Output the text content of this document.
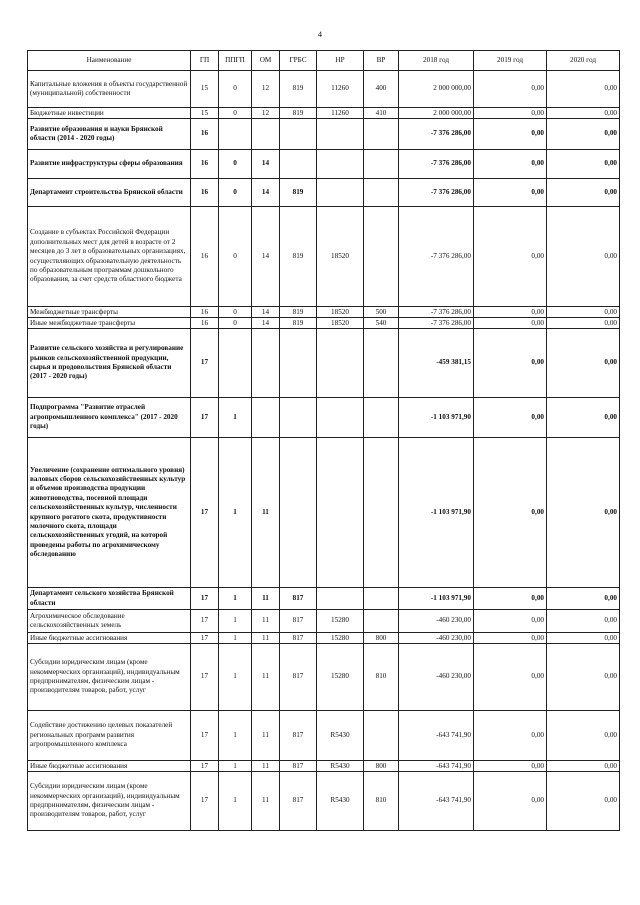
4
Наименование	ГП	ППГП	ОМ	ГРБС	НР	ВР	2018 год	2019 год	2020 год
Капитальные вложения в объекты государственной (муниципальной) собственности	15	0	12	819	11260	400	2 000 000,00	0,00	0,00
Бюджетные инвестиции	15	0	12	819	11260	410	2 000 000,00	0,00	0,00
Развитие образования и науки Брянской области (2014 - 2020 годы)	16						-7 376 286,00	0,00	0,00
Развитие инфраструктуры сферы образования	16	0	14				-7 376 286,00	0,00	0,00
Департамент строительства Брянской области	16	0	14	819			-7 376 286,00	0,00	0,00
Создание в субъектах Российской Федерации дополнительных мест для детей в возрасте от 2 месяцев до 3 лет в образовательных организациях, осуществляющих образовательную деятельность по образовательным программам дошкольного образования, за счет средств областного бюджета	16	0	14	819	18520		-7 376 286,00	0,00	0,00
Межбюджетные трансферты	16	0	14	819	18520	500	-7 376 286,00	0,00	0,00
Иные межбюджетные трансферты	16	0	14	819	18520	540	-7 376 286,00	0,00	0,00
Развитие сельского хозяйства и регулирование рынков сельскохозяйственной продукции, сырья и продовольствия Брянской области (2017 - 2020 годы)	17						-459 381,15	0,00	0,00
Подпрограмма "Развитие отраслей агропромышленного комплекса" (2017 - 2020 годы)	17	1					-1 103 971,90	0,00	0,00
Увеличение (сохранение оптимального уровня) валовых сборов сельскохозяйственных культур и объемов производства продукции животноводства, посевной площади сельскохозяйственных культур, численности крупного рогатого скота, продуктивности молочного скота, площади сельскохозяйственных угодий, на которой проведены работы по агрохимическому обследованию	17	1	11				-1 103 971,90	0,00	0,00
Департамент сельского хозяйства Брянской области	17	1	11	817			-1 103 971,90	0,00	0,00
Агрохимическое обследование сельскохозяйственных земель	17	1	11	817	15280		-460 230,00	0,00	0,00
Иные бюджетные ассигнования	17	1	11	817	15280	800	-460 230,00	0,00	0,00
Субсидии юридическим лицам (кроме некоммерческих организаций), индивидуальным предпринимателям, физическим лицам - производителям товаров, работ, услуг	17	1	11	817	15280	810	-460 230,00	0,00	0,00
Содействие достижению целевых показателей региональных программ развития агропромышленного комплекса	17	1	11	817	R5430		-643 741,90	0,00	0,00
Иные бюджетные ассигнования	17	1	11	817	R5430	800	-643 741,90	0,00	0,00
Субсидии юридическим лицам (кроме некоммерческих организаций), индивидуальным предпринимателям, физическим лицам - производителям товаров, работ, услуг	17	1	11	817	R5430	810	-643 741,90	0,00	0,00
